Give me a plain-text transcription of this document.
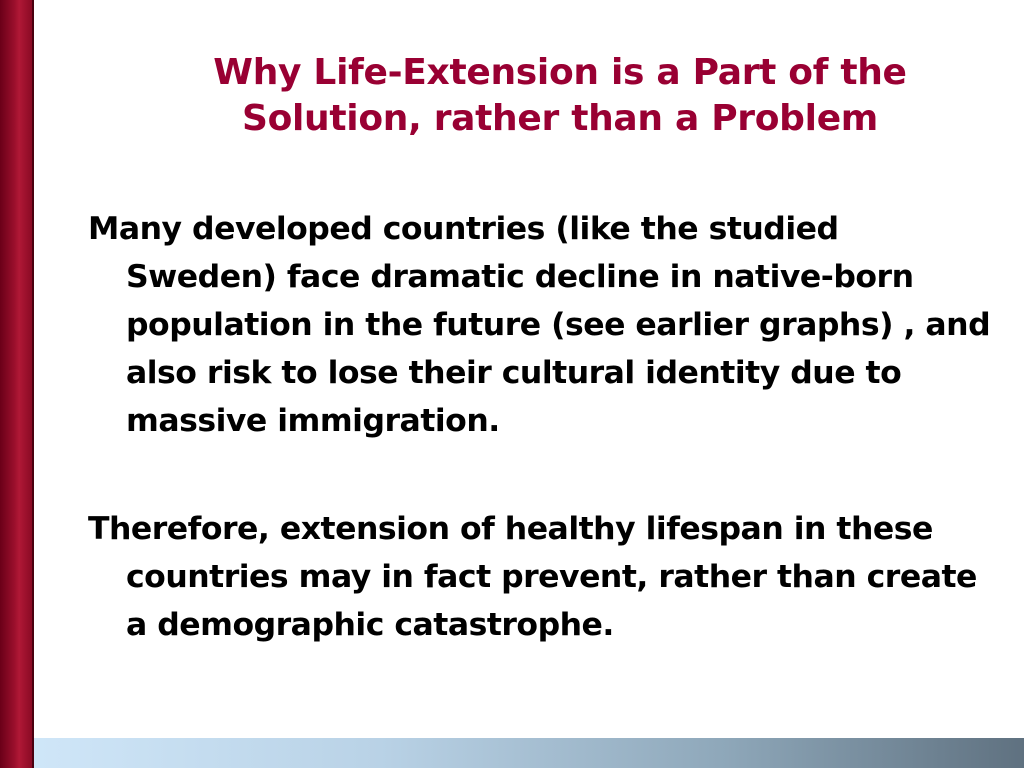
Why Life-Extension is a Part of the
Solution, rather than a Problem

Many developed countries (like the studied Sweden) face dramatic decline in native-born population in the future (see earlier graphs) , and also risk to lose their cultural identity due to massive immigration.

Therefore, extension of healthy lifespan in these countries may in fact prevent, rather than create a demographic catastrophe.
